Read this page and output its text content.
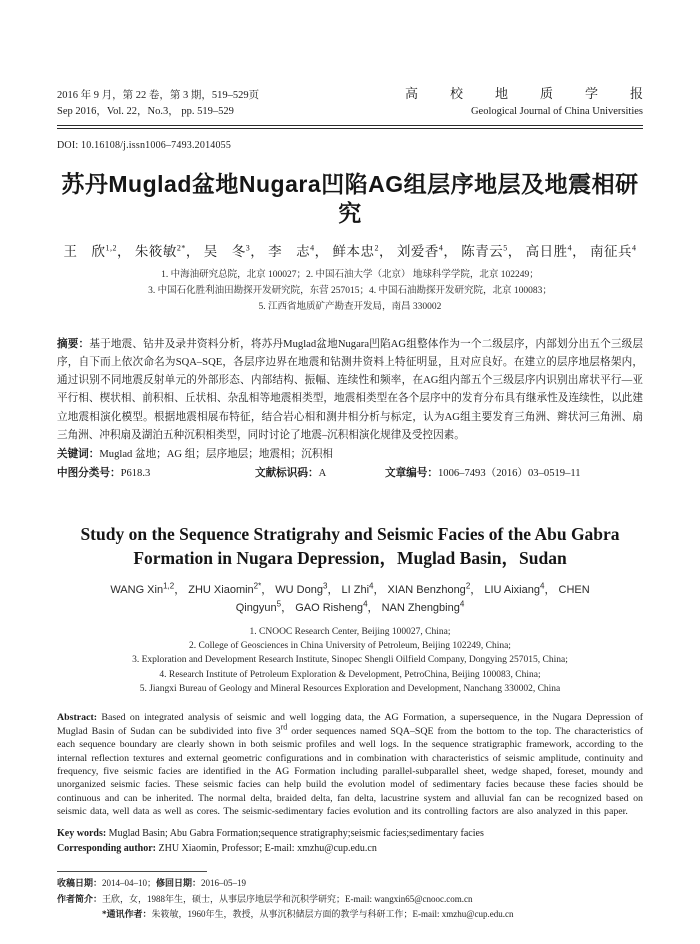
2016 年 9 月，第 22 卷，第 3 期，519–529页
Sep 2016，Vol. 22，No.3， pp. 519–529
高校地质学报
Geological Journal of China Universities
DOI: 10.16108/j.issn1006–7493.2014055
苏丹Muglad盆地Nugara凹陷AG组层序地层及地震相研究
王　欣$^{1,2}$ ， 朱筱敏$^{2*}$ ， 吴　冬$^3$ ， 李　志$^4$ ， 鲜本忠$^2$ ， 刘爱香$^4$ ， 陈青云$^5$ ， 高日胜$^4$ ， 南征兵$^4$
1. 中海油研究总院，北京 100027；2. 中国石油大学（北京） 地球科学学院，北京 102249；
3. 中国石化胜利油田勘探开发研究院，东营 257015；4. 中国石油勘探开发研究院，北京 100083；
5. 江西省地质矿产勘查开发局，南昌 330002

摘要：基于地震、钻井及录井资料分析，将苏丹Muglad盆地Nugara凹陷AG组整体作为一个二级层序，内部划分出五个三级层序，自下而上依次命名为SQA–SQE，各层序边界在地震和钻测井资料上特征明显，且对应良好。在建立的层序地层格架内，通过识别不同地震反射单元的外部形态、内部结构、振幅、连续性和频率，在AG组内部五个三级层序内识别出席状平行—亚平行相、楔状相、前积相、丘状相、杂乱相等地震相类型，地震相类型在各个层序中的发育分布具有继承性及连续性，以此建立地震相演化模型。根据地震相展布特征，结合岩心相和测井相分析与标定，认为AG组主要发育三角洲、辫状河三角洲、扇三角洲、冲积扇及湖泊五种沉积相类型，同时讨论了地震–沉积相演化规律及受控因素。

关键词：Muglad 盆地；AG 组；层序地层；地震相；沉积相

中图分类号：P618.3	文献标识码：A	文章编号：1006–7493（2016）03–0519–11
Study on the Sequence Stratigrahy and Seismic Facies of the Abu Gabra Formation in Nugara Depression，Muglad Basin，Sudan
WANG Xin$^{1,2}$ ， ZHU Xiaomin$^{2*}$ ， WU Dong$^3$ ， LI Zhi$^4$ ， XIAN Benzhong$^2$ ， LIU Aixiang$^4$ ， CHEN Qingyun$^5$ ， GAO Risheng$^4$ ， NAN Zhengbing$^4$
1. CNOOC Research Center, Beijing 100027, China;
2. College of Geosciences in China University of Petroleum, Beijing 102249, China;
3. Exploration and Development Research Institute, Sinopec Shengli Oilfield Company, Dongying 257015, China;
4. Research Institute of Petroleum Exploration & Development, PetroChina, Beijing 100083, China;
5. Jiangxi Bureau of Geology and Mineral Resources Exploration and Development, Nanchang 330002, China

Abstract: Based on integrated analysis of seismic and well logging data, the AG Formation, a supersequence, in the Nugara Depression of Muglad Basin of Sudan can be subdivided into five 3rd order sequences named SQA–SQE from the bottom to the top. The characteristics of each sequence boundary are clearly shown in both seismic profiles and well logs. In the sequence stratigraphic framework, according to the internal reflection textures and external geometric configurations and in combination with characteristics of seismic amplitude, continuity and frequency, five seismic facies are identified in the AG Formation including parallel-subparallel sheet, wedge shaped, foreset, moundy and unorganized seismic facies. These seismic facies can help build the evolution model of sedimentary facies because these facies should be continuous and can be inherited. The normal delta, braided delta, fan delta, lacustrine system and alluvial fan can be recognized based on seismic data, well data as well as cores. The seismic-sedimentary facies evolution and its controlling factors are also analyzed in this paper.

Key words: Muglad Basin; Abu Gabra Formation;sequence stratigraphy;seismic facies;sedimentary facies

Corresponding author: ZHU Xiaomin, Professor; E-mail: xmzhu@cup.edu.cn

收稿日期：2014–04–10；修回日期：2016–05–19
作者简介： 王欣，女，1988年生，硕士，从事层序地层学和沉积学研究；E-mail: wangxin65@cnooc.com.cn
*通讯作者： 朱筱敏，1960年生，教授，从事沉积储层方面的教学与科研工作；E-mail: xmzhu@cup.edu.cn
